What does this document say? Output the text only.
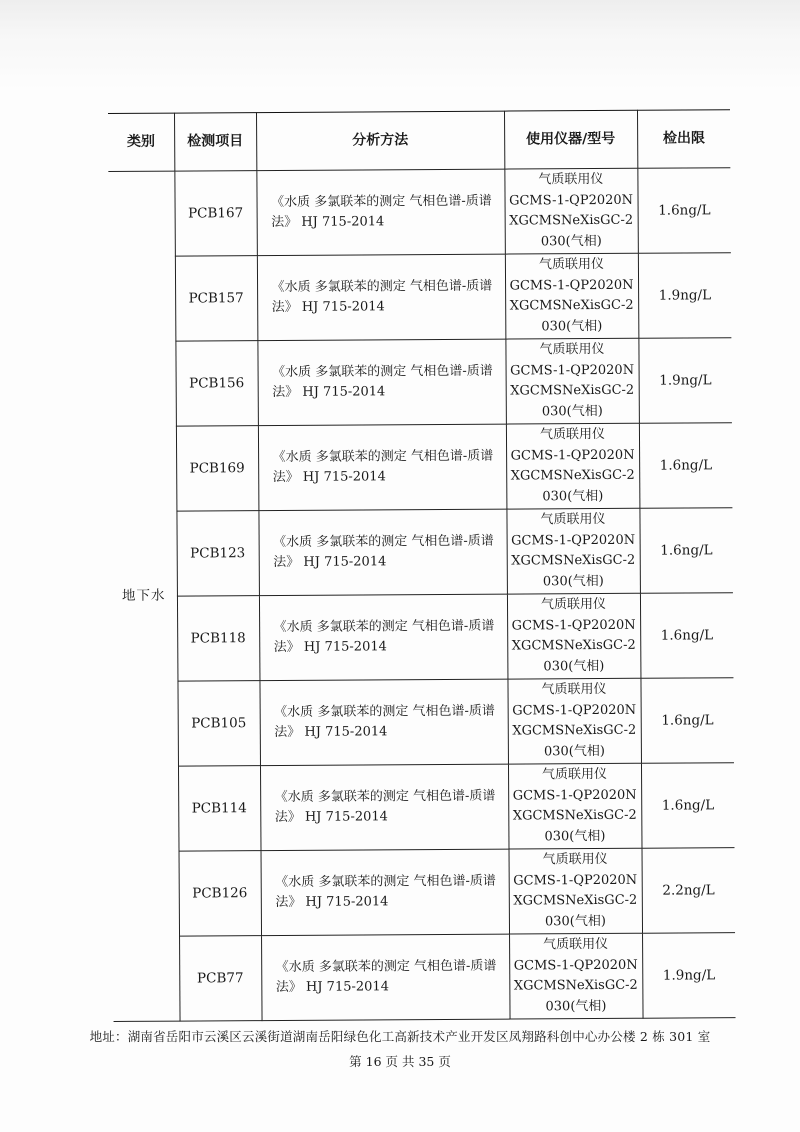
类别	检测项目	分析方法	使用仪器/型号	检出限
地下水	PCB167	《水质 多氯联苯的测定 气相色谱-质谱法》 HJ 715-2014	气质联用仪
GCMS-1-QP2020N
XGCMSNeXisGC-2
030(气相)	1.6ng/L
	PCB157	《水质 多氯联苯的测定 气相色谱-质谱法》 HJ 715-2014	气质联用仪
GCMS-1-QP2020N
XGCMSNeXisGC-2
030(气相)	1.9ng/L
	PCB156	《水质 多氯联苯的测定 气相色谱-质谱法》 HJ 715-2014	气质联用仪
GCMS-1-QP2020N
XGCMSNeXisGC-2
030(气相)	1.9ng/L
	PCB169	《水质 多氯联苯的测定 气相色谱-质谱法》 HJ 715-2014	气质联用仪
GCMS-1-QP2020N
XGCMSNeXisGC-2
030(气相)	1.6ng/L
	PCB123	《水质 多氯联苯的测定 气相色谱-质谱法》 HJ 715-2014	气质联用仪
GCMS-1-QP2020N
XGCMSNeXisGC-2
030(气相)	1.6ng/L
	PCB118	《水质 多氯联苯的测定 气相色谱-质谱法》 HJ 715-2014	气质联用仪
GCMS-1-QP2020N
XGCMSNeXisGC-2
030(气相)	1.6ng/L
	PCB105	《水质 多氯联苯的测定 气相色谱-质谱法》 HJ 715-2014	气质联用仪
GCMS-1-QP2020N
XGCMSNeXisGC-2
030(气相)	1.6ng/L
	PCB114	《水质 多氯联苯的测定 气相色谱-质谱法》 HJ 715-2014	气质联用仪
GCMS-1-QP2020N
XGCMSNeXisGC-2
030(气相)	1.6ng/L
	PCB126	《水质 多氯联苯的测定 气相色谱-质谱法》 HJ 715-2014	气质联用仪
GCMS-1-QP2020N
XGCMSNeXisGC-2
030(气相)	2.2ng/L
	PCB77	《水质 多氯联苯的测定 气相色谱-质谱法》 HJ 715-2014	气质联用仪
GCMS-1-QP2020N
XGCMSNeXisGC-2
030(气相)	1.9ng/L
地址：湖南省岳阳市云溪区云溪街道湖南岳阳绿色化工高新技术产业开发区凤翔路科创中心办公楼 2 栋 301 室
第 16 页 共 35 页
